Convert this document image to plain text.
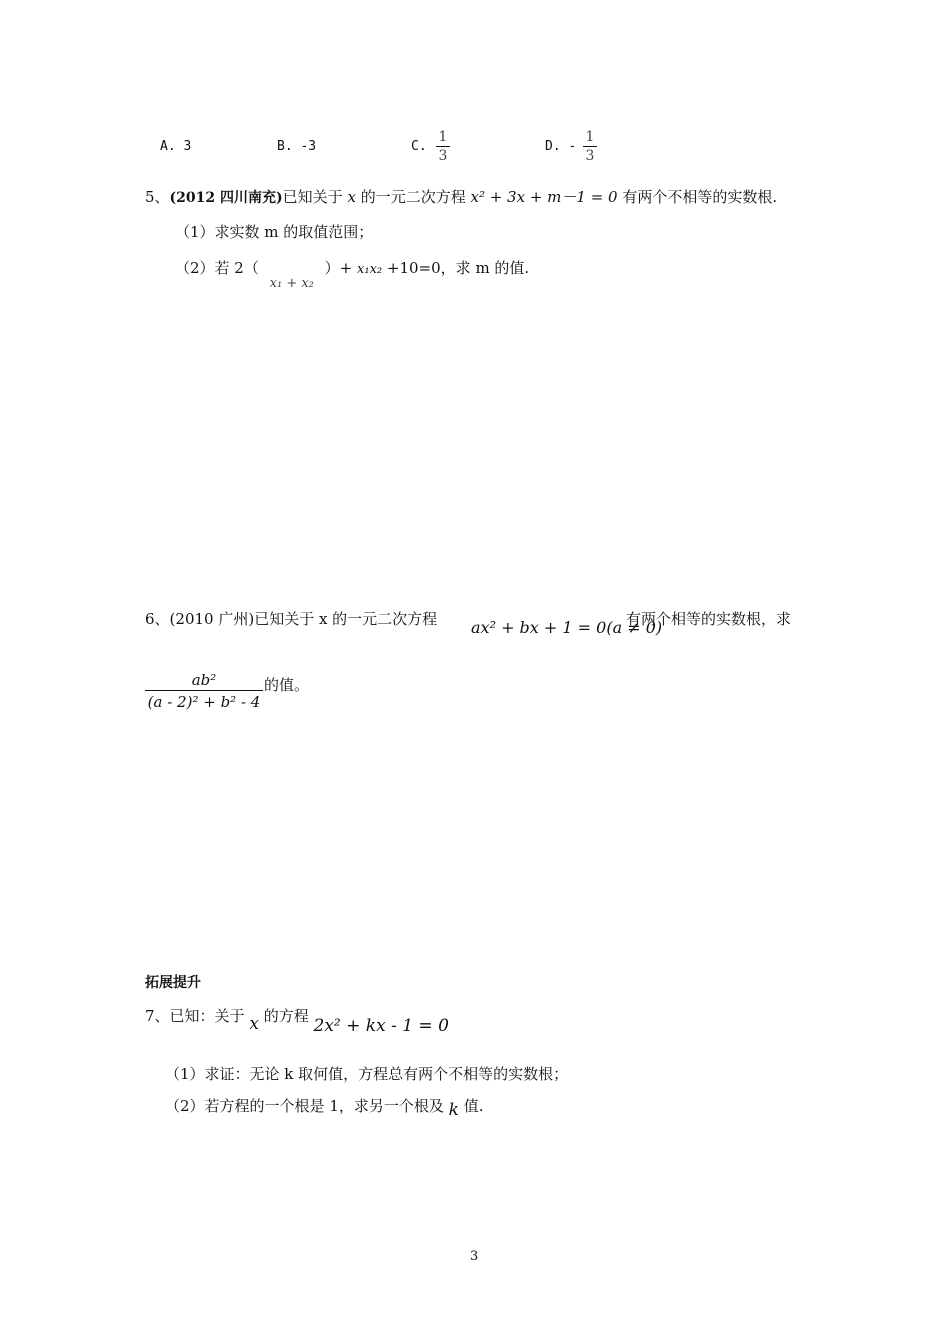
A. 3	B. -3	C.
1
3
D. -
1
3
5、(2012 四川南充)已知关于 x 的一元二次方程 x² + 3x + m－1 = 0 有两个不相等的实数根.
（1）求实数 m 的取值范围；
（2）若 2（ x₁ + x₂ ）+ x₁x₂ +10=0，求 m 的值.
6、(2010 广州)已知关于 x 的一元二次方程 ax² + bx + 1 = 0(a ≠ 0)
有两个相等的实数根，求
ab²
(a - 2)² + b² - 4
的值。
拓展提升
7、已知：关于 x 的方程 2x² + kx - 1 = 0
（1）求证：无论 k 取何值，方程总有两个不相等的实数根；
（2）若方程的一个根是 1，求另一个根及 k 值.
3
